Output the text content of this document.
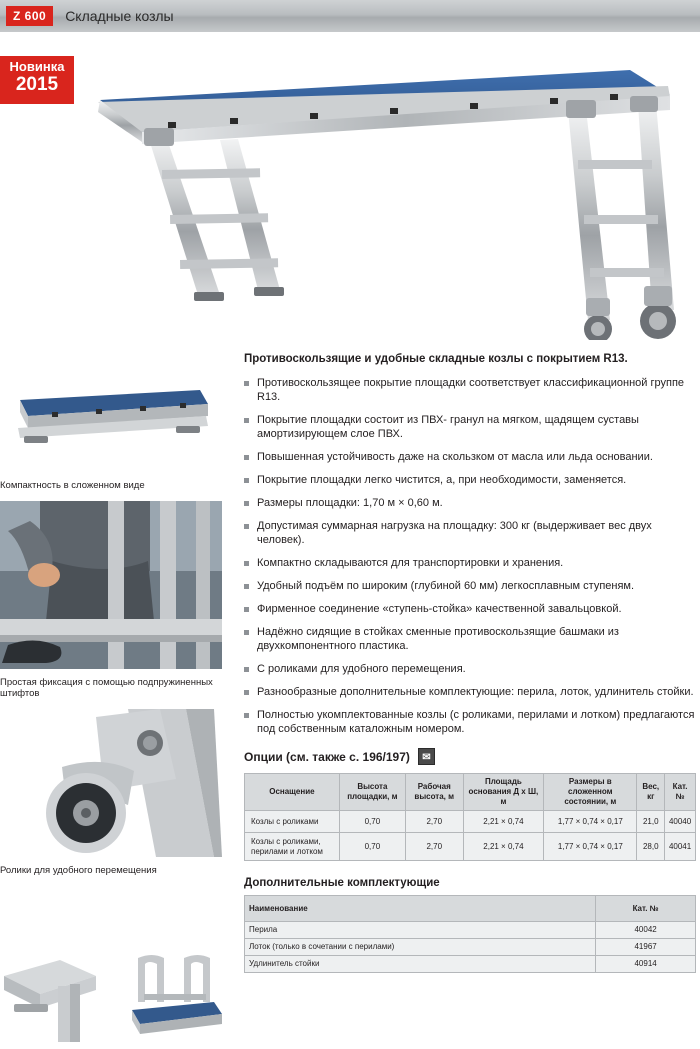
Z 600	Складные козлы
Новинка
2015
Компактность в сложенном виде
Простая фиксация с помощью подпружиненных штифтов
Ролики для удобного перемещения
Противоскользящие и удобные складные козлы с покрытием R13.
Противоскользящее покрытие площадки соответствует классификационной группе R13.
Покрытие площадки состоит из ПВХ- гранул на мягком, щадящем суставы амортизирующем слое ПВХ.
Повышенная устойчивость даже на скользком от масла или льда основании.
Покрытие площадки легко чистится, а, при необходимости, заменяется.
Размеры площадки: 1,70 м × 0,60 м.
Допустимая суммарная нагрузка на площадку: 300 кг (выдерживает вес двух человек).
Компактно складываются для транспортировки и хранения.
Удобный подъём по широким (глубиной 60 мм) легкосплавным ступеням.
Фирменное соединение «ступень-стойка» качественной завальцовкой.
Надёжно сидящие в стойках сменные противоскользящие башмаки из двухкомпонентного пластика.
С роликами для удобного перемещения.
Разнообразные дополнительные комплектующие: перила, лоток, удлинитель стойки.
Полностью укомплектованные козлы (с роликами, перилами и лотком) предлагаются под собственным каталожным номером.
Опции (см. также с. 196/197)	✉
Оснащение	Высота площадки, м	Рабочая высота, м	Площадь основания Д х Ш, м	Размеры в сложенном состоянии, м	Вес, кг	Кат. №
Козлы с роликами	0,70	2,70	2,21 × 0,74	1,77 × 0,74 × 0,17	21,0	40040
Козлы с роликами, перилами и лотком	0,70	2,70	2,21 × 0,74	1,77 × 0,74 × 0,17	28,0	40041
Дополнительные комплектующие
Наименование	Кат. №
Перила	40042
Лоток (только в сочетании с перилами)	41967
Удлинитель стойки	40914
